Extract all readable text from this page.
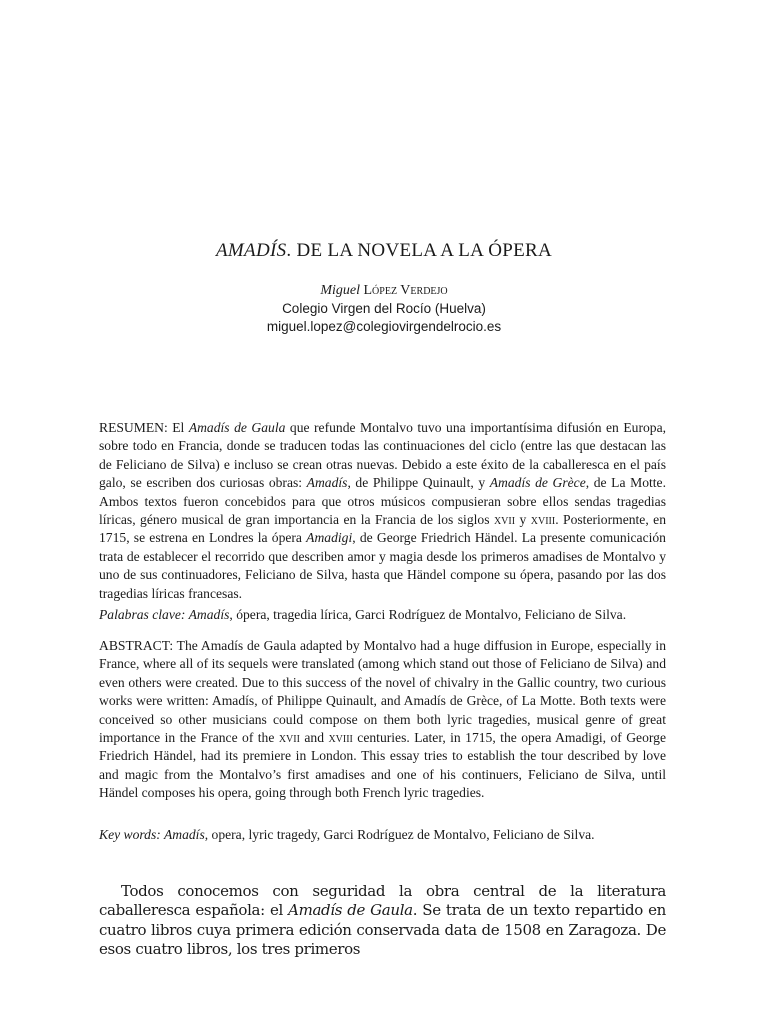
AMADÍS. DE LA NOVELA A LA ÓPERA
Miguel López Verdejo
Colegio Virgen del Rocío (Huelva)
miguel.lopez@colegiovirgendelrocio.es
RESUMEN: El Amadís de Gaula que refunde Montalvo tuvo una importantísima difusión en Europa, sobre todo en Francia, donde se traducen todas las continuaciones del ciclo (entre las que destacan las de Feliciano de Silva) e incluso se crean otras nuevas. Debido a este éxito de la caballeresca en el país galo, se escriben dos curiosas obras: Amadís, de Philippe Quinault, y Amadís de Grèce, de La Motte. Ambos textos fueron concebidos para que otros músicos compusieran sobre ellos sendas tragedias líricas, género musical de gran importancia en la Francia de los siglos xvii y xviii. Posteriormente, en 1715, se estrena en Londres la ópera Amadigi, de George Friedrich Händel. La presente comunicación trata de establecer el recorrido que describen amor y magia desde los primeros amadises de Montalvo y uno de sus continuadores, Feliciano de Silva, hasta que Händel compone su ópera, pasando por las dos tragedias líricas francesas.
Palabras clave: Amadís, ópera, tragedia lírica, Garci Rodríguez de Montalvo, Feliciano de Silva.
ABSTRACT: The Amadís de Gaula adapted by Montalvo had a huge diffusion in Europe, especially in France, where all of its sequels were translated (among which stand out those of Feliciano de Silva) and even others were created. Due to this success of the novel of chivalry in the Gallic country, two curious works were written: Amadís, of Philippe Quinault, and Amadís de Grèce, of La Motte. Both texts were conceived so other musicians could compose on them both lyric tragedies, musical genre of great importance in the France of the xvii and xviii centuries. Later, in 1715, the opera Amadigi, of George Friedrich Händel, had its premiere in London. This essay tries to establish the tour described by love and magic from the Montalvo’s first amadises and one of his continuers, Feliciano de Silva, until Händel composes his opera, going through both French lyric tragedies.
Key words: Amadís, opera, lyric tragedy, Garci Rodríguez de Montalvo, Feliciano de Silva.
Todos conocemos con seguridad la obra central de la literatura caballeresca española: el Amadís de Gaula. Se trata de un texto repartido en cuatro libros cuya primera edición conservada data de 1508 en Zaragoza. De esos cuatro libros, los tres primeros
